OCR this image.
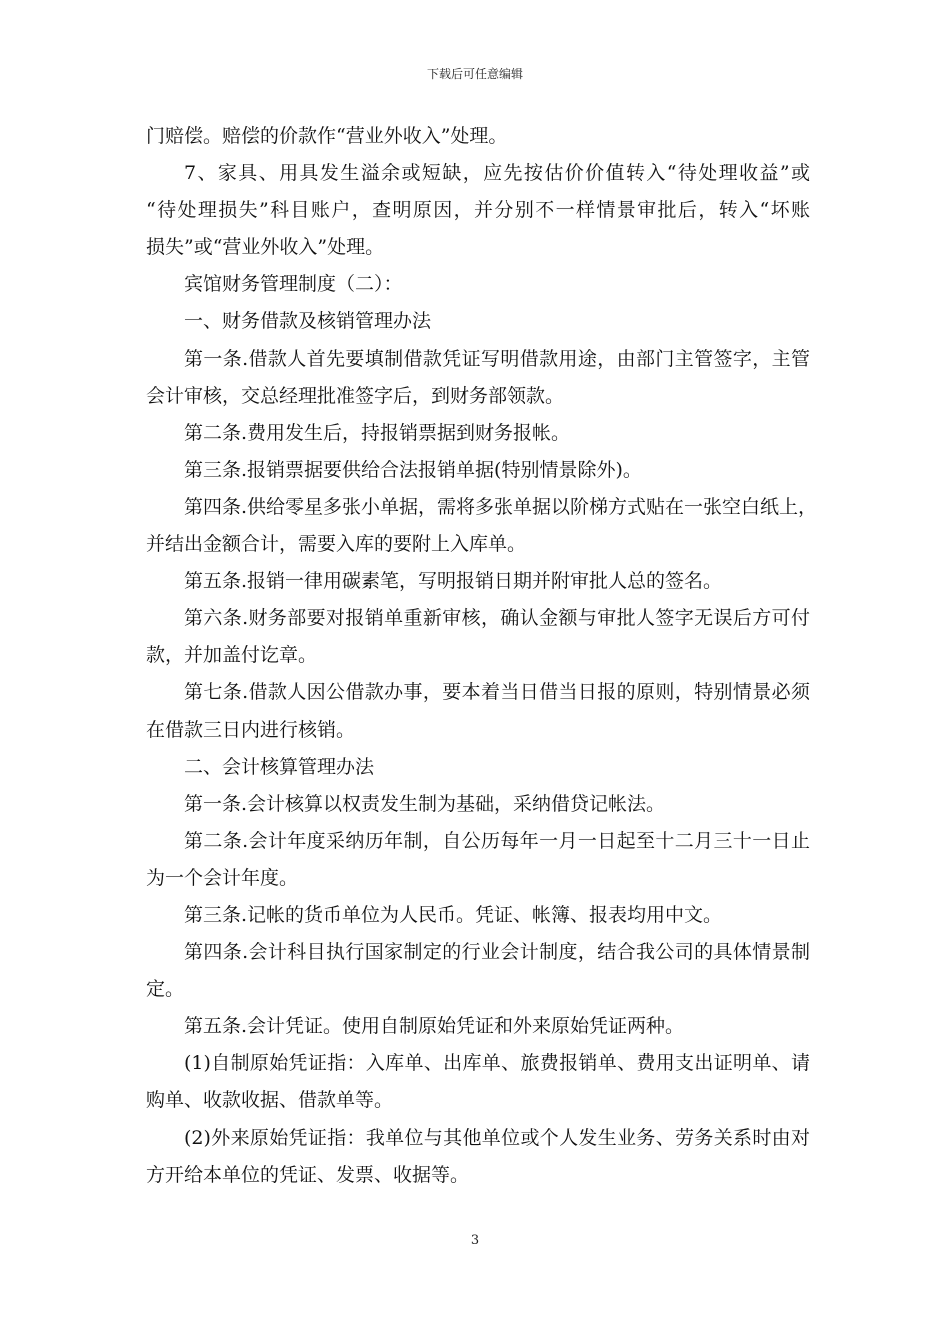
下载后可任意编辑
门赔偿。赔偿的价款作“营业外收入”处理。
7、家具、用具发生溢余或短缺，应先按估价价值转入“待处理收益”或
“待处理损失”科目账户，查明原因，并分别不一样情景审批后，转入“坏账
损失”或“营业外收入”处理。
宾馆财务管理制度（二）：
一、财务借款及核销管理办法
第一条.借款人首先要填制借款凭证写明借款用途，由部门主管签字，主管
会计审核，交总经理批准签字后，到财务部领款。
第二条.费用发生后，持报销票据到财务报帐。
第三条.报销票据要供给合法报销单据(特别情景除外)。
第四条.供给零星多张小单据，需将多张单据以阶梯方式贴在一张空白纸上，
并结出金额合计，需要入库的要附上入库单。
第五条.报销一律用碳素笔，写明报销日期并附审批人总的签名。
第六条.财务部要对报销单重新审核，确认金额与审批人签字无误后方可付
款，并加盖付讫章。
第七条.借款人因公借款办事，要本着当日借当日报的原则，特别情景必须
在借款三日内进行核销。
二、会计核算管理办法
第一条.会计核算以权责发生制为基础，采纳借贷记帐法。
第二条.会计年度采纳历年制，自公历每年一月一日起至十二月三十一日止
为一个会计年度。
第三条.记帐的货币单位为人民币。凭证、帐簿、报表均用中文。
第四条.会计科目执行国家制定的行业会计制度，结合我公司的具体情景制
定。
第五条.会计凭证。使用自制原始凭证和外来原始凭证两种。
(1)自制原始凭证指：入库单、出库单、旅费报销单、费用支出证明单、请
购单、收款收据、借款单等。
(2)外来原始凭证指：我单位与其他单位或个人发生业务、劳务关系时由对
方开给本单位的凭证、发票、收据等。
3
